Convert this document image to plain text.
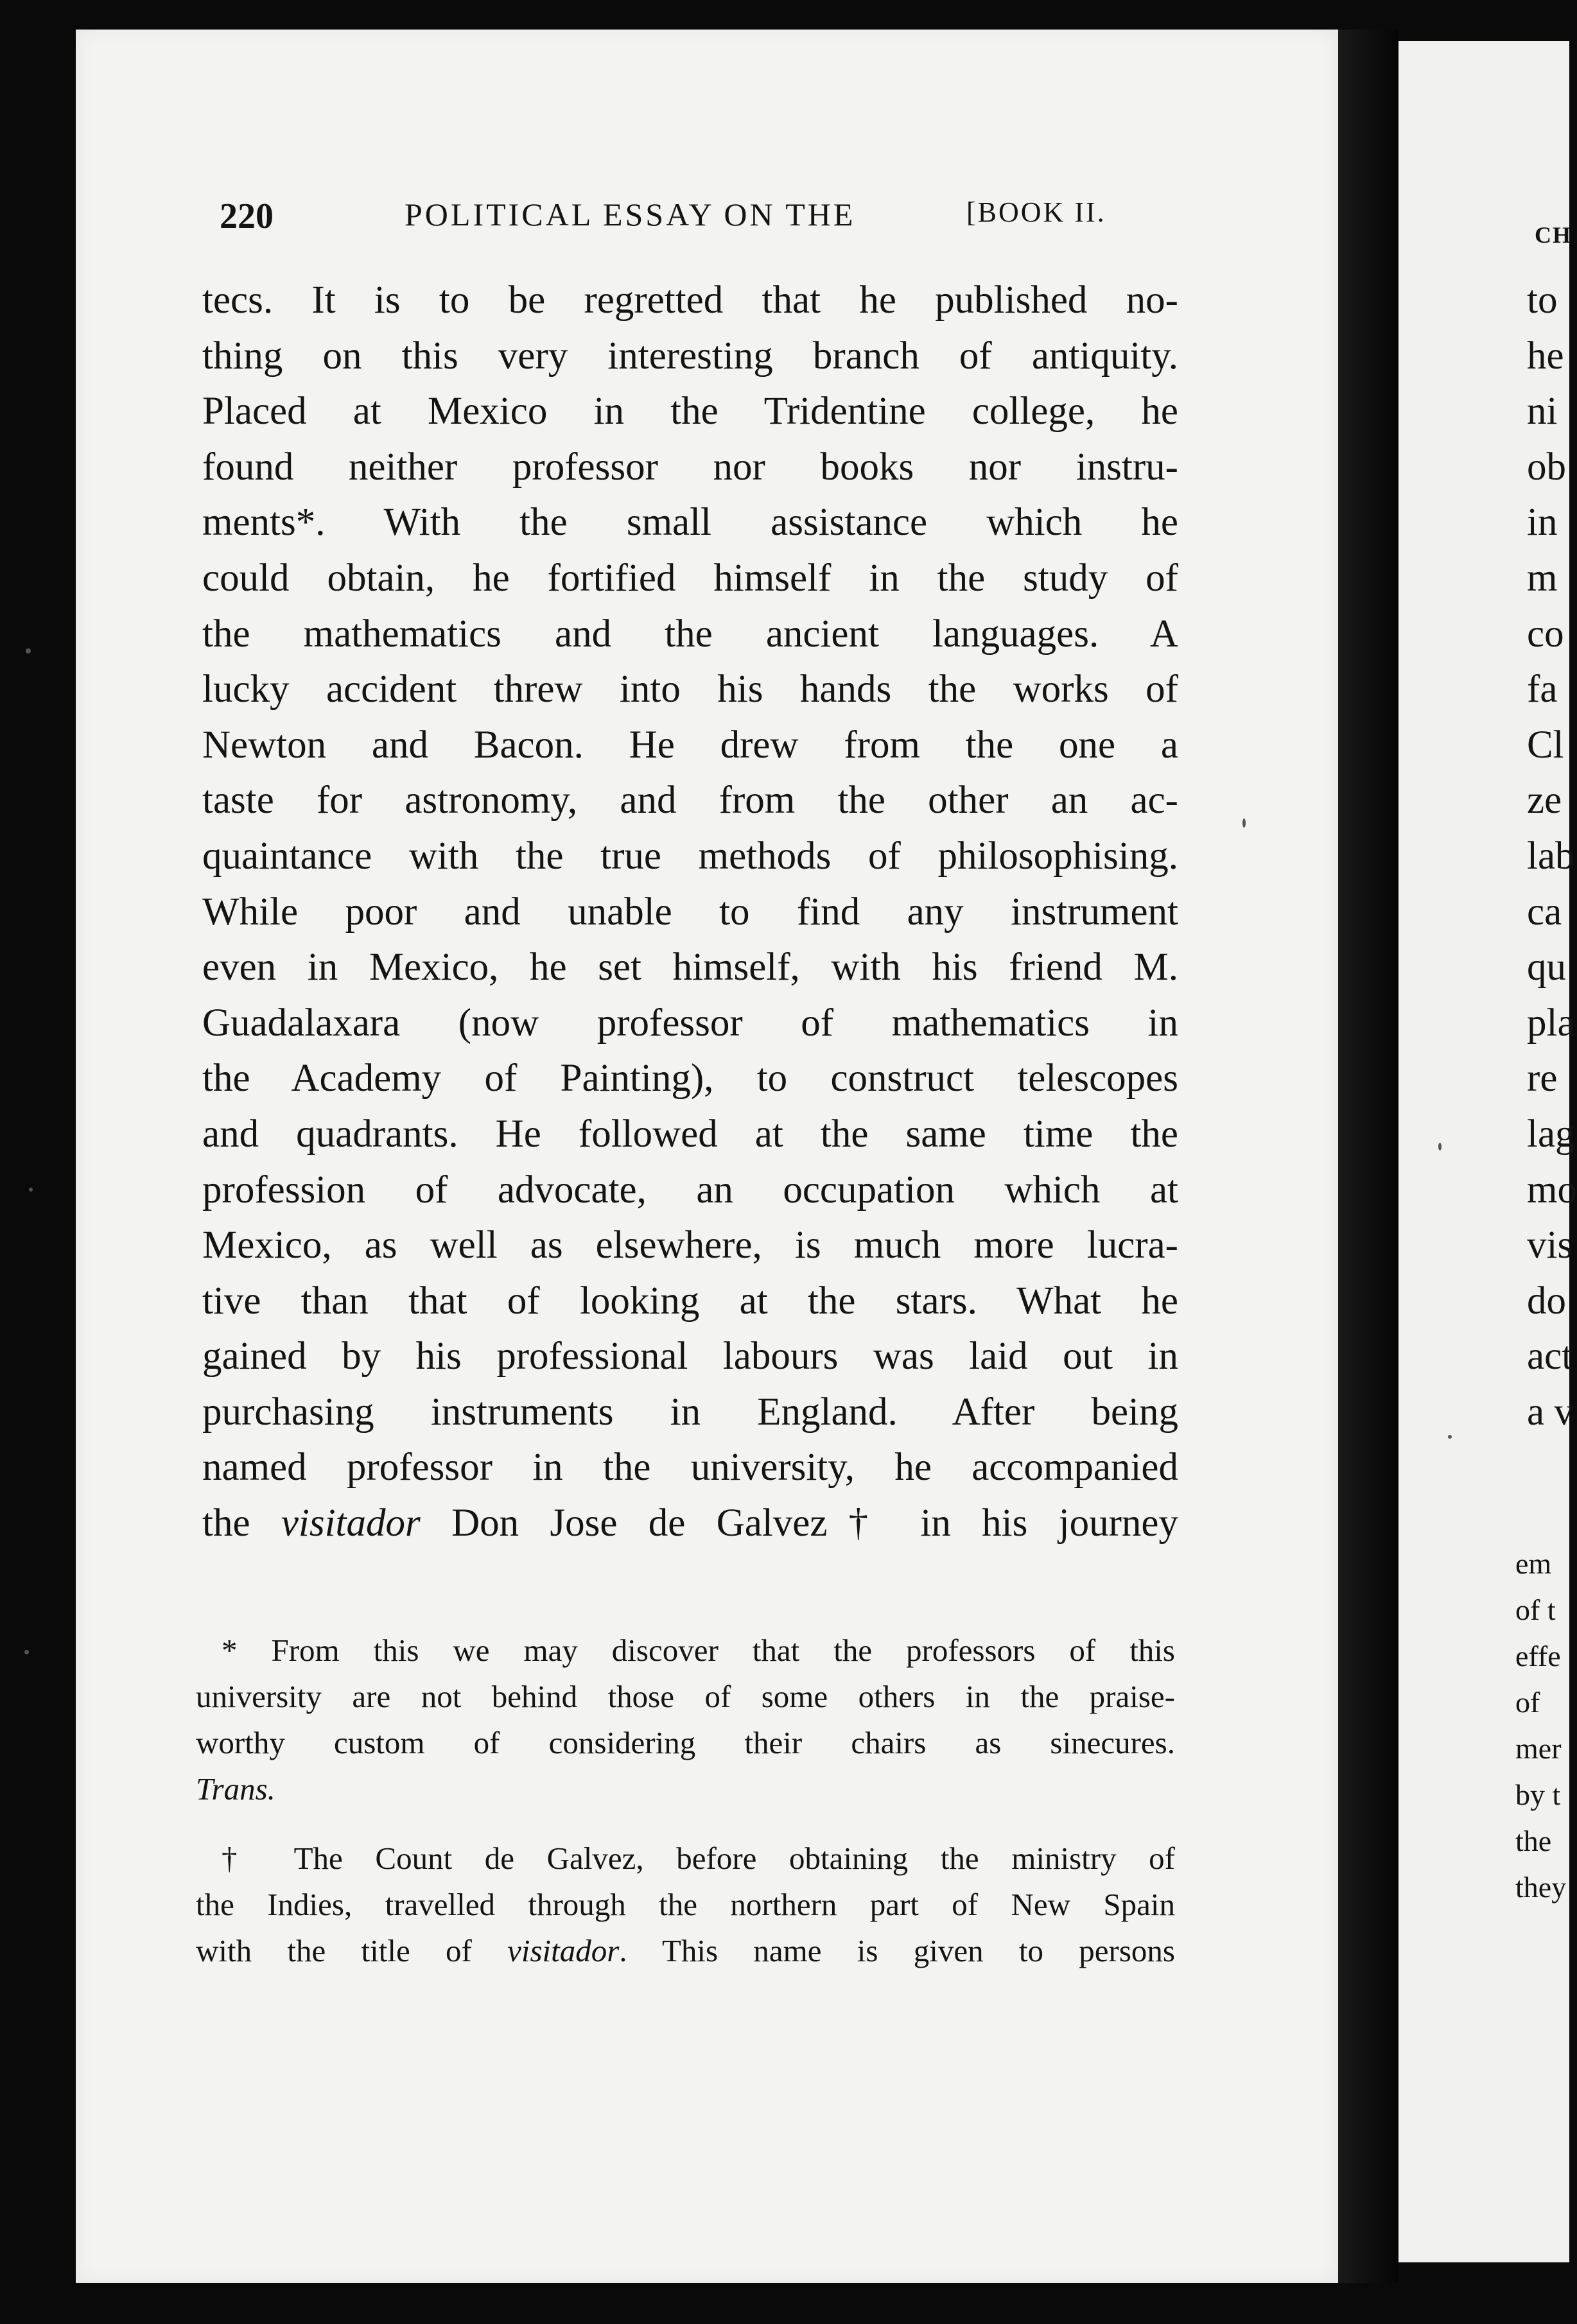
220	POLITICAL ESSAY ON THE	[BOOK II.
tecs. It is to be regretted that he published no-
thing on this very interesting branch of antiquity.
Placed at Mexico in the Tridentine college, he
found neither professor nor books nor instru-
ments*. With the small assistance which he
could obtain, he fortified himself in the study of
the mathematics and the ancient languages. A
lucky accident threw into his hands the works of
Newton and Bacon. He drew from the one a
taste for astronomy, and from the other an ac-
quaintance with the true methods of philosophising.
While poor and unable to find any instrument
even in Mexico, he set himself, with his friend M.
Guadalaxara (now professor of mathematics in
the Academy of Painting), to construct telescopes
and quadrants. He followed at the same time the
profession of advocate, an occupation which at
Mexico, as well as elsewhere, is much more lucra-
tive than that of looking at the stars. What he
gained by his professional labours was laid out in
purchasing instruments in England. After being
named professor in the university, he accompanied
the visitador Don Jose de Galvez† in his journey
* From this we may discover that the professors of this
university are not behind those of some others in the praise-
worthy custom of considering their chairs as sinecures.
Trans.
† The Count de Galvez, before obtaining the ministry of
the Indies, travelled through the northern part of New Spain
with the title of visitador. This name is given to persons
CH
to
he
ni
ob
in
m
co
fa
Cl
ze
lab
ca
qu
pla
re
lag
mo
vis
do
act
a v
em
of t
effe
of
mer
by t
the
they
